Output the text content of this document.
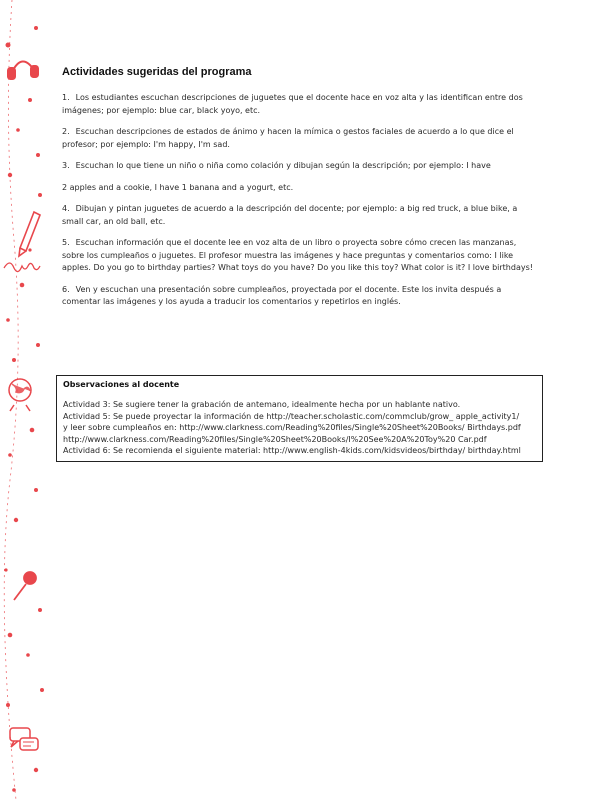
Actividades sugeridas del programa

1. Los estudiantes escuchan descripciones de juguetes que el docente hace en voz alta y las identifican entre dos imágenes; por ejemplo: blue car, black yoyo, etc.

2. Escuchan descripciones de estados de ánimo y hacen la mímica o gestos faciales de acuerdo a lo que dice el profesor; por ejemplo: I'm happy, I'm sad.

3. Escuchan lo que tiene un niño o niña como colación y dibujan según la descripción; por ejemplo: I have

2 apples and a cookie, I have 1 banana and a yogurt, etc.

4. Dibujan y pintan juguetes de acuerdo a la descripción del docente; por ejemplo: a big red truck, a blue bike, a small car, an old ball, etc.

5. Escuchan información que el docente lee en voz alta de un libro o proyecta sobre cómo crecen las manzanas, sobre los cumpleaños o juguetes. El profesor muestra las imágenes y hace preguntas y comentarios como: I like apples. Do you go to birthday parties? What toys do you have? Do you like this toy? What color is it? I love birthdays!

6. Ven y escuchan una presentación sobre cumpleaños, proyectada por el docente. Este los invita después a comentar las imágenes y los ayuda a traducir los comentarios y repetirlos en inglés.

Observaciones al docente

Actividad 3: Se sugiere tener la grabación de antemano, idealmente hecha por un hablante nativo.

Actividad 5: Se puede proyectar la información de http://teacher.scholastic.com/commclub/grow_ apple_activity1/

y leer sobre cumpleaños en: http://www.clarkness.com/Reading%20files/Single%20Sheet%20Books/ Birthdays.pdf

http://www.clarkness.com/Reading%20files/Single%20Sheet%20Books/I%20See%20A%20Toy%20 Car.pdf

Actividad 6: Se recomienda el siguiente material: http://www.english-4kids.com/kidsvideos/birthday/ birthday.html
